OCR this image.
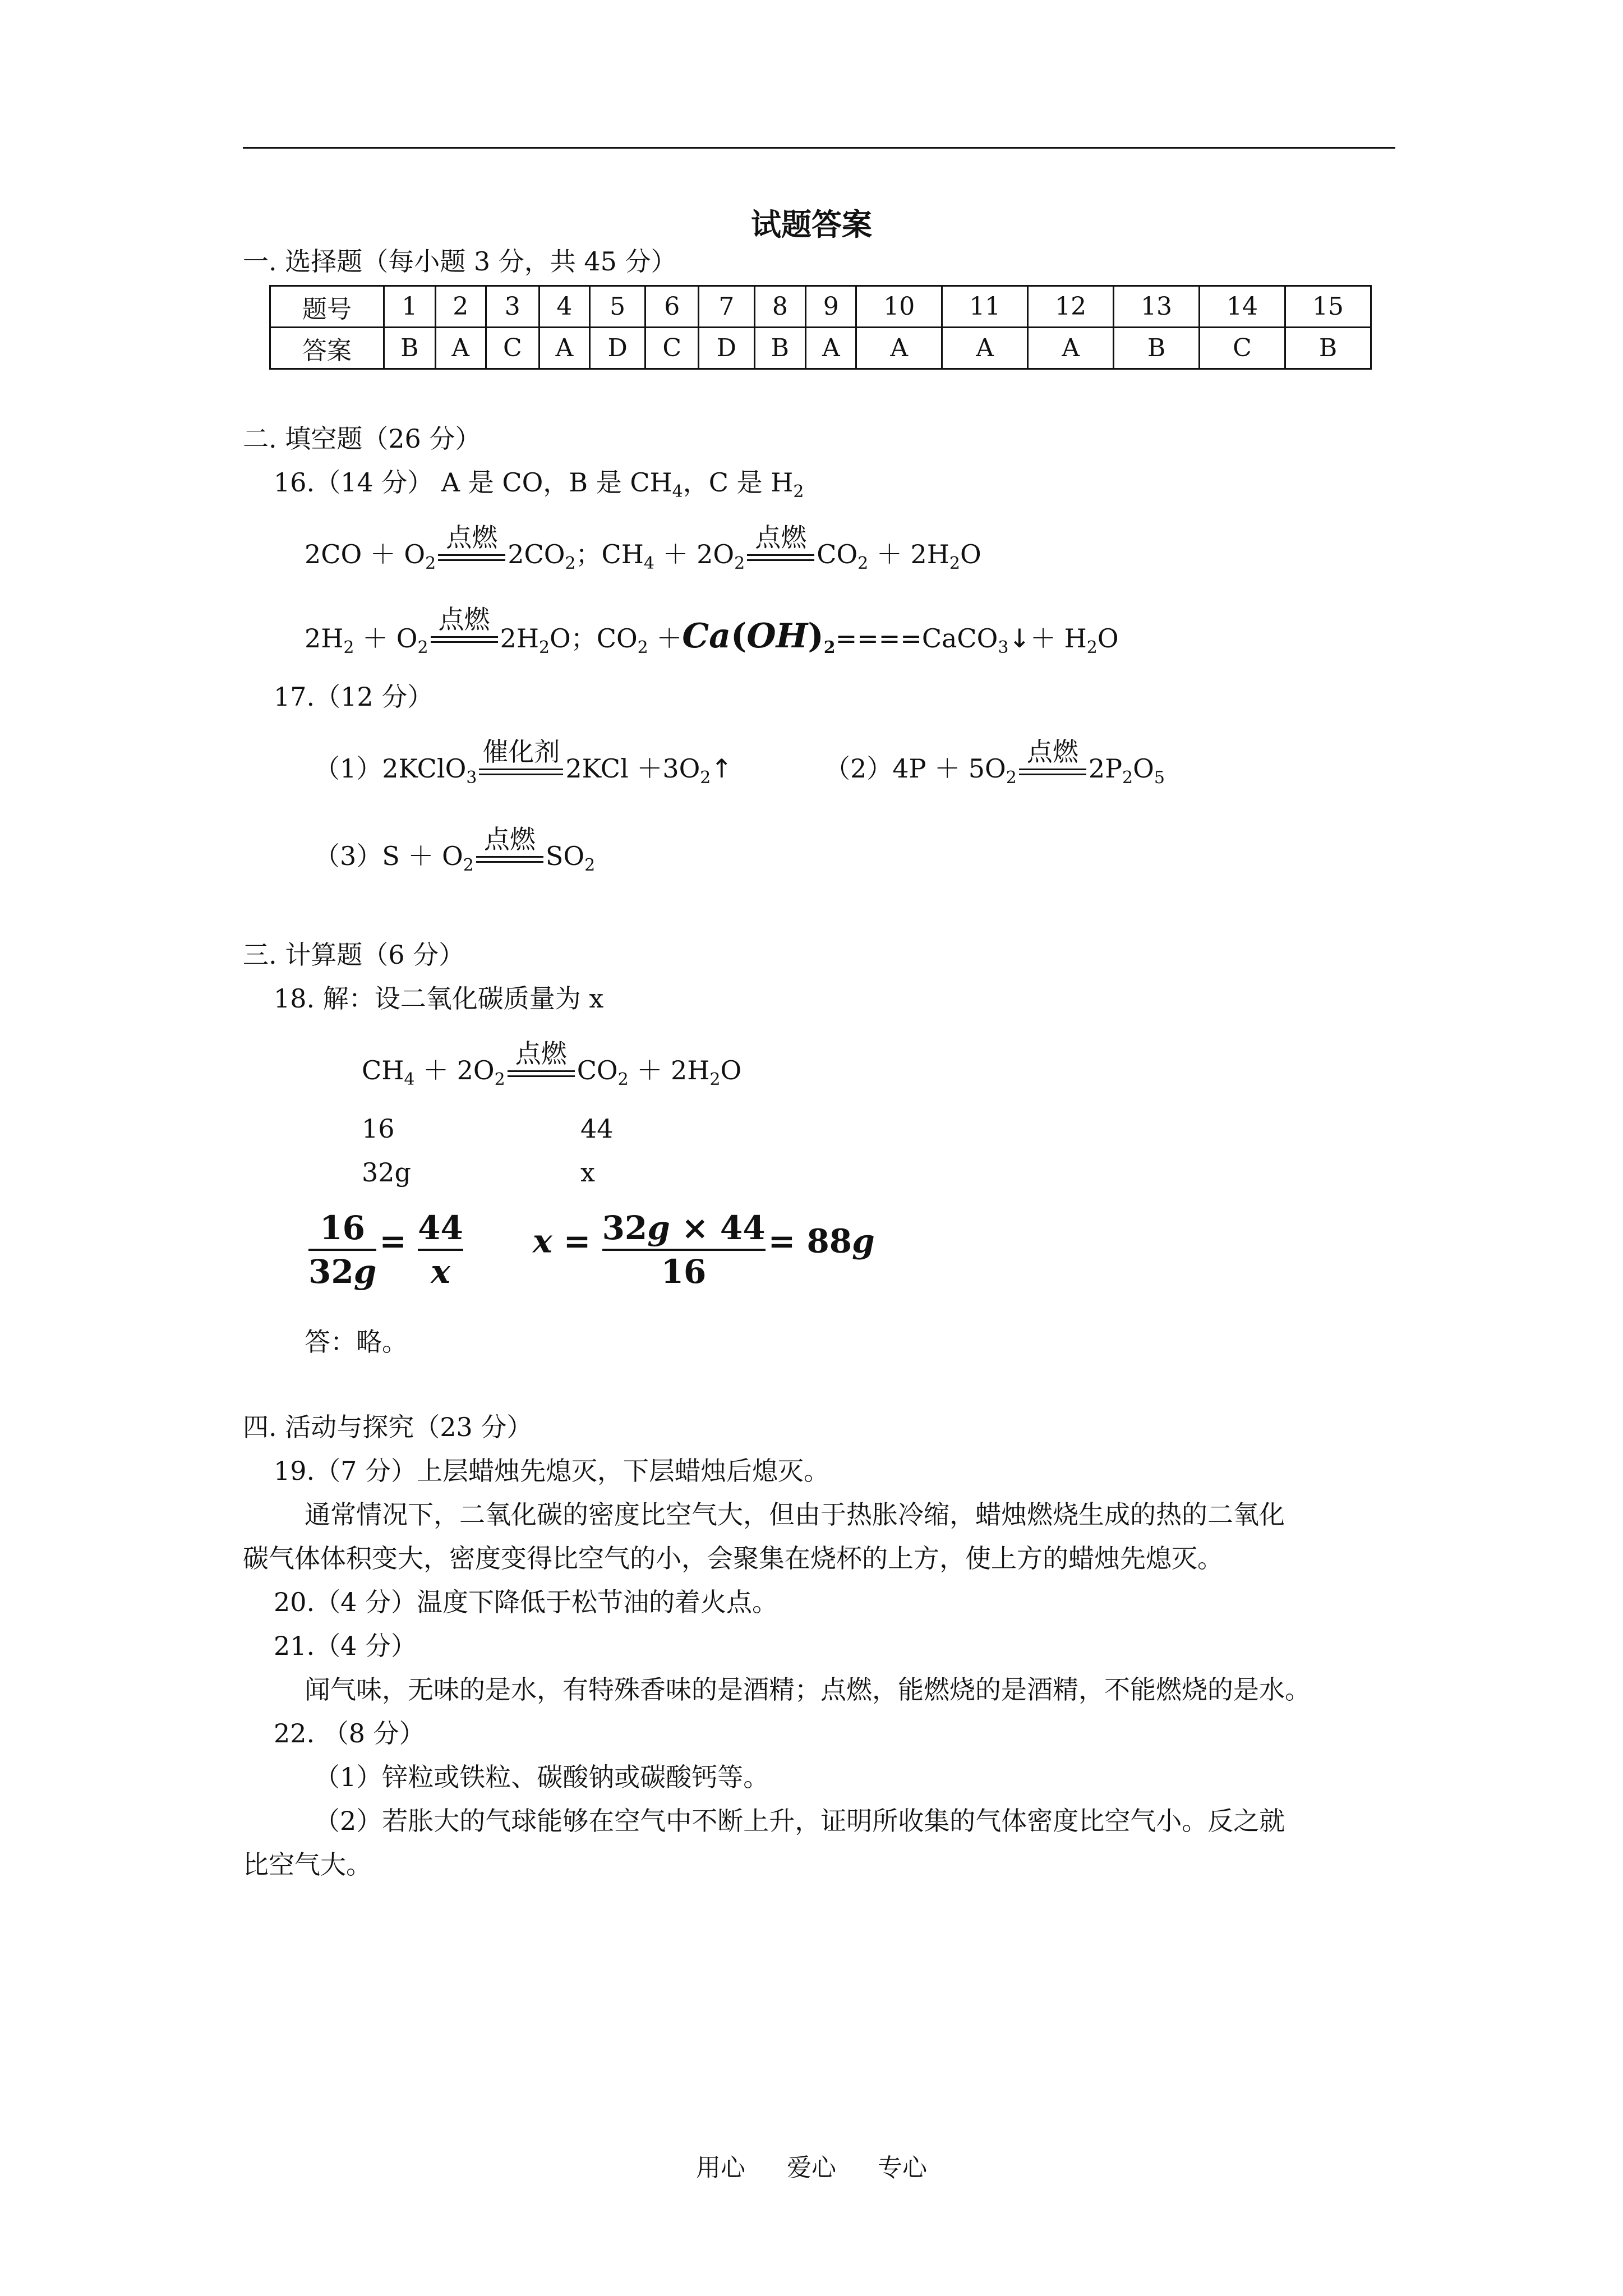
试题答案
一. 选择题（每小题 3 分，共 45 分）
题号	1	2	3	4	5	6	7	8	9	10	11	12	13	14	15
答案	B	A	C	A	D	C	D	B	A	A	A	A	B	C	B
二. 填空题（26 分）
16.（14 分） A 是 CO，B 是 $CH_4$，C 是 $H_2$
$2CO + O_2$
点燃
$2CO_2$；$CH_4 + 2O_2$
点燃
$CO_2 + 2H_2O$
$2H_2 + O_2$
点燃
$2H_2O$；$CO_2$ $+Ca(OH)_2====CaCO_3↓+ H_2O$
17.（12 分）
（1）2KClO$_3$
催化剂
$2KCl +3O_2↑$	$(2)4P + 5O_2$
点燃
$2P_2O_5$
$(3)S + O_2$
点燃
$SO_2$
三. 计算题（6 分）
18. 解：设二氧化碳质量为 x
$CH_4 + 2O_2$
点燃
$CO_2 + 2H_2O$
16	44
32g	x
$\frac{16}{32g} = \frac{44}{x}$ $x = \frac{32g \times 44}{16} = 88g$
答：略。
四. 活动与探究（23 分）
19.（7 分）上层蜡烛先熄灭，下层蜡烛后熄灭。
通常情况下，二氧化碳的密度比空气大，但由于热胀冷缩，蜡烛燃烧生成的热的二氧化
碳气体体积变大，密度变得比空气的小，会聚集在烧杯的上方，使上方的蜡烛先熄灭。
20.（4 分）温度下降低于松节油的着火点。
21.（4 分）
闻气味，无味的是水，有特殊香味的是酒精；点燃，能燃烧的是酒精，不能燃烧的是水。
22. （8 分）
（1）锌粒或铁粒、碳酸钠或碳酸钙等。
（2）若胀大的气球能够在空气中不断上升，证明所收集的气体密度比空气小。反之就
比空气大。
用心 爱心 专心
